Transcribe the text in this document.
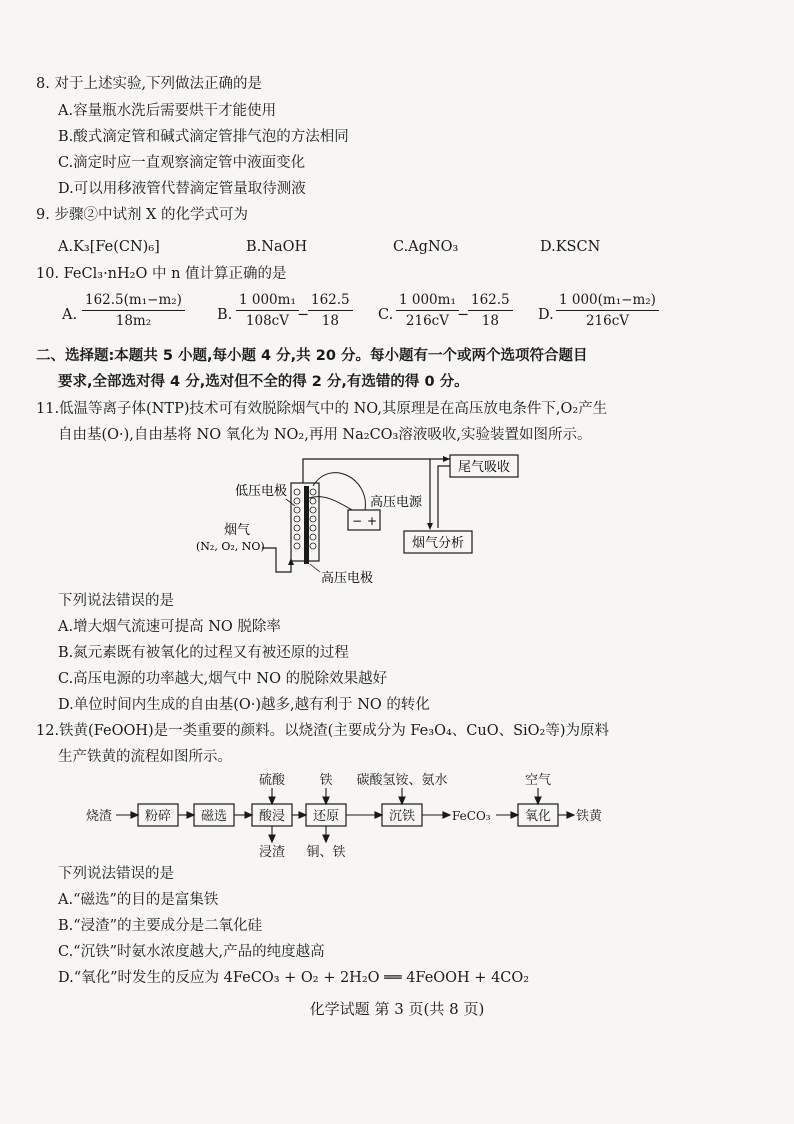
8. 对于上述实验,下列做法正确的是
A.容量瓶水洗后需要烘干才能使用
B.酸式滴定管和碱式滴定管排气泡的方法相同
C.滴定时应一直观察滴定管中液面变化
D.可以用移液管代替滴定管量取待测液
9. 步骤②中试剂 X 的化学式可为
A.K₃[Fe(CN)₆]	B.NaOH	C.AgNO₃	D.KSCN
10. FeCl₃·nH₂O 中 n 值计算正确的是
A. $\frac{\text{162.5(m₁−m₂)}}{\text{18m₂}} B$. $\frac{\text{1 000m₁}}{108cV}$
−
$\frac{162.5}{18} C$. $\frac{\text{1 000m₁}}{216cV}$
−
$\frac{162.5}{18} D$. $\frac{\text{1 000(m₁−m₂)}}{216cV}$
二、选择题:本题共 5 小题,每小题 4 分,共 20 分。每小题有一个或两个选项符合题目
要求,全部选对得 4 分,选对但不全的得 2 分,有选错的得 0 分。
11.低温等离子体(NTP)技术可有效脱除烟气中的 NO,其原理是在高压放电条件下,O₂产生
自由基(O·),自由基将 NO 氧化为 NO₂,再用 Na₂CO₃溶液吸收,实验装置如图所示。
尾气吸收
烟气分析
− +
高压电源
低压电极
烟气
(N₂, O₂, NO)
高压电极
下列说法错误的是
A.增大烟气流速可提高 NO 脱除率
B.氮元素既有被氧化的过程又有被还原的过程
C.高压电源的功率越大,烟气中 NO 的脱除效果越好
D.单位时间内生成的自由基(O·)越多,越有利于 NO 的转化
12.铁黄(FeOOH)是一类重要的颜料。以烧渣(主要成分为 Fe₃O₄、CuO、SiO₂等)为原料
生产铁黄的流程如图所示。
烧渣	粉碎 磁选 酸浸 还原	沉铁	FeCO₃	氧化 铁黄
硫酸	铁 碳酸氢铵、氨水	空气
浸渣 铜、铁
下列说法错误的是
A.“磁选”的目的是富集铁
B.“浸渣”的主要成分是二氧化硅
C.“沉铁”时氨水浓度越大,产品的纯度越高
D.“氧化”时发生的反应为 4FeCO₃ + O₂ + 2H₂O ══ 4FeOOH + 4CO₂
化学试题 第 3 页(共 8 页)
